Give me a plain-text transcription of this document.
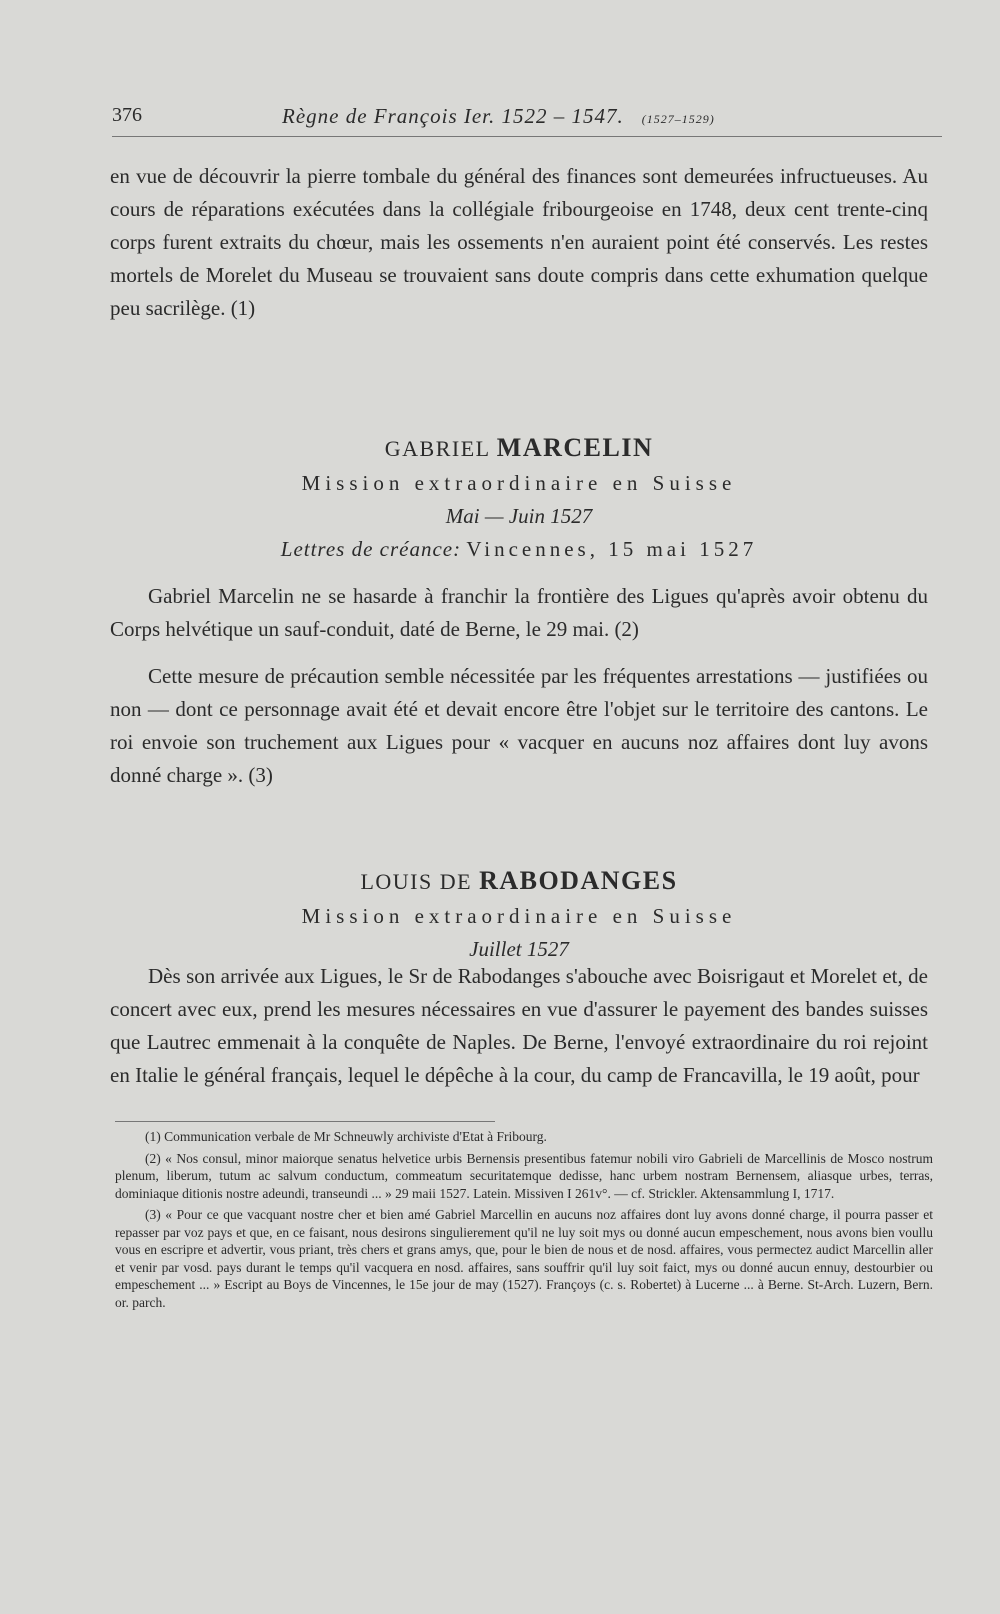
376	Règne de François Ier. 1522 – 1547. (1527–1529)

en vue de découvrir la pierre tombale du général des finances sont demeurées infructueuses. Au cours de réparations exécutées dans la collégiale fribourgeoise en 1748, deux cent trente-cinq corps furent extraits du chœur, mais les ossements n'en auraient point été conservés. Les restes mortels de Morelet du Museau se trouvaient sans doute compris dans cette exhumation quelque peu sacrilège. (1)

GABRIEL MARCELIN
Mission extraordinaire en Suisse
Mai — Juin 1527
Lettres de créance: Vincennes, 15 mai 1527

Gabriel Marcelin ne se hasarde à franchir la frontière des Ligues qu'après avoir obtenu du Corps helvétique un sauf-conduit, daté de Berne, le 29 mai. (2)

Cette mesure de précaution semble nécessitée par les fréquentes arrestations — justifiées ou non — dont ce personnage avait été et devait encore être l'objet sur le territoire des cantons. Le roi envoie son truchement aux Ligues pour « vacquer en aucuns noz affaires dont luy avons donné charge ». (3)

LOUIS DE RABODANGES
Mission extraordinaire en Suisse
Juillet 1527

Dès son arrivée aux Ligues, le Sr de Rabodanges s'abouche avec Boisrigaut et Morelet et, de concert avec eux, prend les mesures nécessaires en vue d'assurer le payement des bandes suisses que Lautrec emmenait à la conquête de Naples. De Berne, l'envoyé extraordinaire du roi rejoint en Italie le général français, lequel le dépêche à la cour, du camp de Francavilla, le 19 août, pour

(1) Communication verbale de Mr Schneuwly archiviste d'Etat à Fribourg.

(2) « Nos consul, minor maiorque senatus helvetice urbis Bernensis presentibus fatemur nobili viro Gabrieli de Marcellinis de Mosco nostrum plenum, liberum, tutum ac salvum conductum, commeatum securitatemque dedisse, hanc urbem nostram Bernensem, aliasque urbes, terras, dominiaque ditionis nostre adeundi, transeundi ... » 29 maii 1527. Latein. Missiven I 261v°. — cf. Strickler. Aktensammlung I, 1717.

(3) « Pour ce que vacquant nostre cher et bien amé Gabriel Marcellin en aucuns noz affaires dont luy avons donné charge, il pourra passer et repasser par voz pays et que, en ce faisant, nous desirons singulierement qu'il ne luy soit mys ou donné aucun empeschement, nous avons bien voullu vous en escripre et advertir, vous priant, très chers et grans amys, que, pour le bien de nous et de nosd. affaires, vous permectez audict Marcellin aller et venir par vosd. pays durant le temps qu'il vacquera en nosd. affaires, sans souffrir qu'il luy soit faict, mys ou donné aucun ennuy, destourbier ou empeschement ... » Escript au Boys de Vincennes, le 15e jour de may (1527). Françoys (c. s. Robertet) à Lucerne ... à Berne. St-Arch. Luzern, Bern. or. parch.
